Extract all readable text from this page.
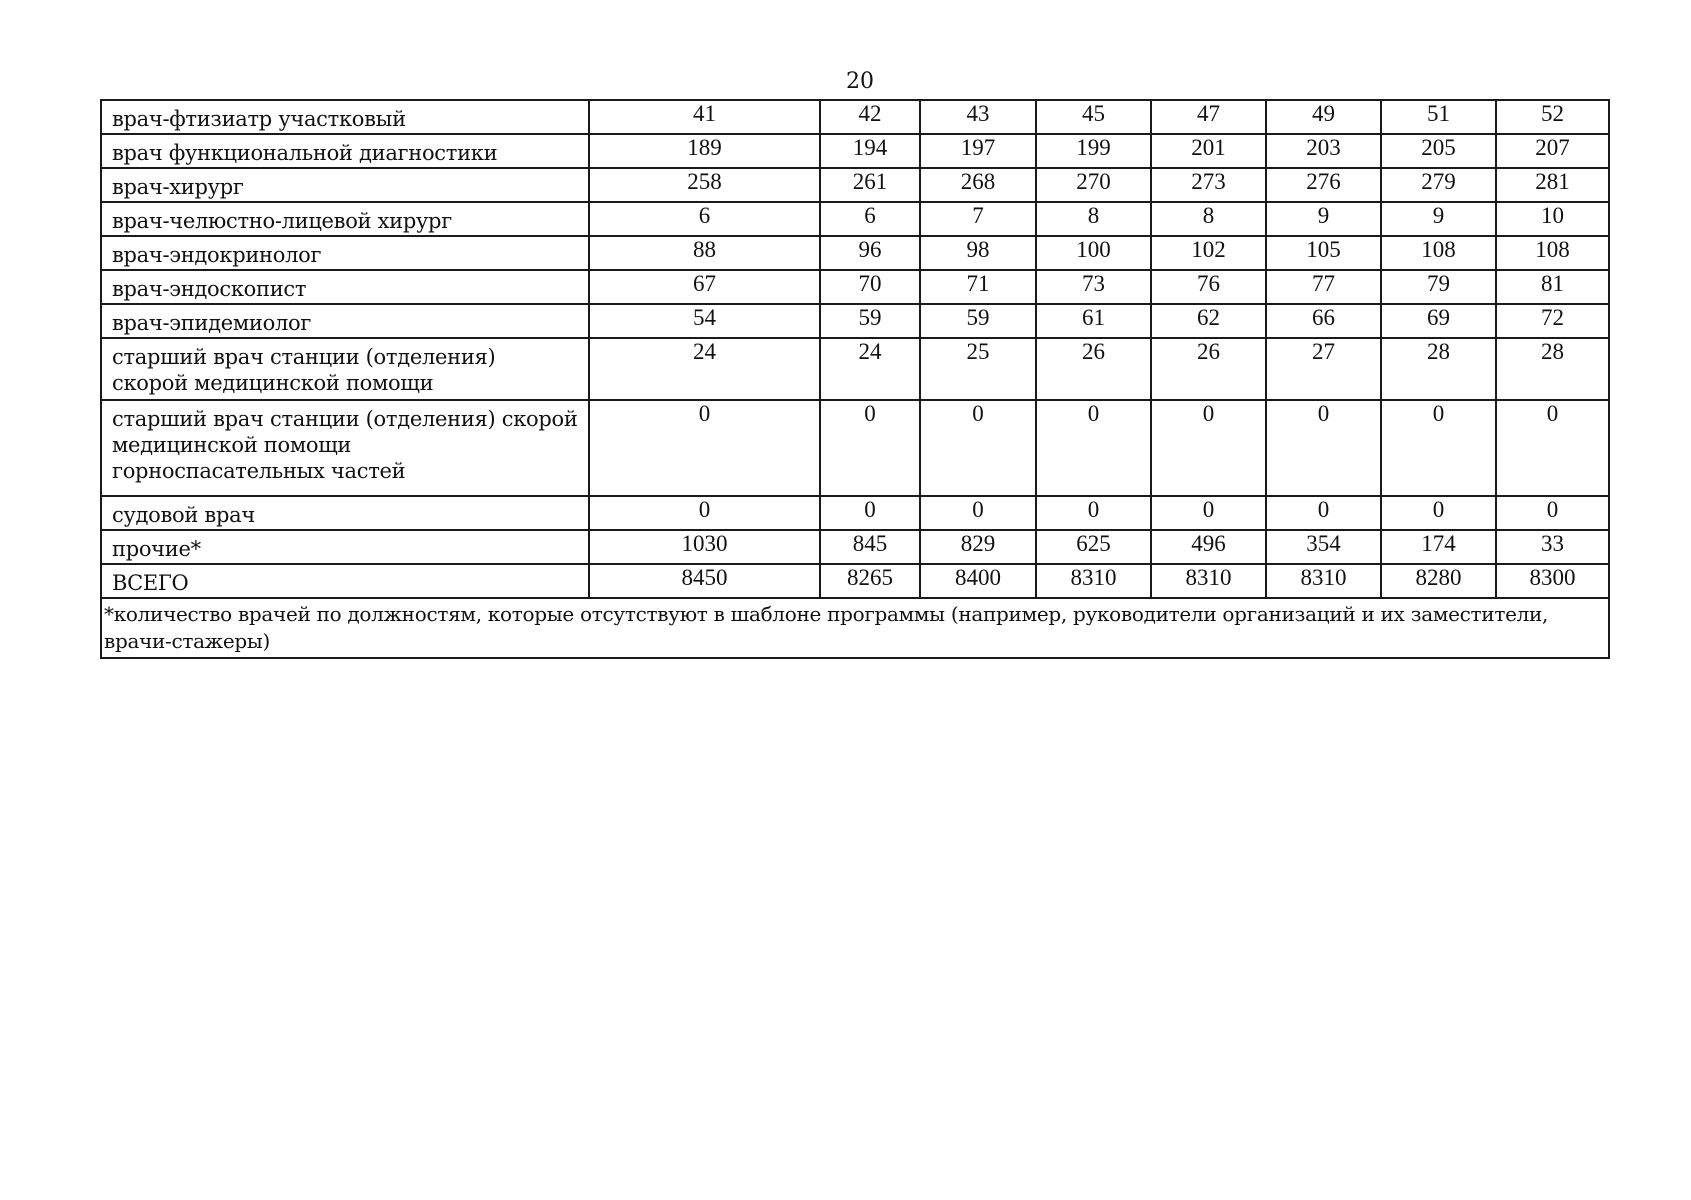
20
врач-фтизиатр участковый	41	42	43	45	47	49	51	52
врач функциональной диагностики	189	194	197	199	201	203	205	207
врач-хирург	258	261	268	270	273	276	279	281
врач-челюстно-лицевой хирург	6	6	7	8	8	9	9	10
врач-эндокринолог	88	96	98	100	102	105	108	108
врач-эндоскопист	67	70	71	73	76	77	79	81
врач-эпидемиолог	54	59	59	61	62	66	69	72
старший врач станции (отделения)
скорой медицинской помощи	24	24	25	26	26	27	28	28
старший врач станции (отделения) скорой
медицинской помощи
горноспасательных частей	0	0	0	0	0	0	0	0
судовой врач	0	0	0	0	0	0	0	0
прочие*	1030	845	829	625	496	354	174	33
ВСЕГО	8450	8265	8400	8310	8310	8310	8280	8300
*количество врачей по должностям, которые отсутствуют в шаблоне программы (например, руководители организаций и их заместители, врачи-стажеры)								
